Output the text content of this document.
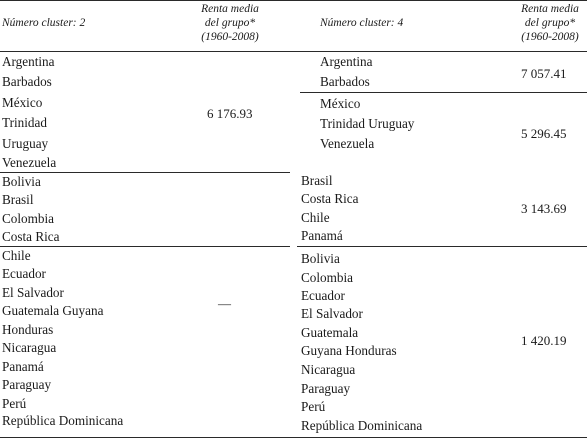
Número cluster: 2
Renta media
del grupo*
(1960-2008)
Número cluster: 4
Renta media
del grupo*
(1960-2008)
Argentina
Barbados
México
Trinidad
Uruguay
Venezuela
Bolivia
Brasil
Colombia
Costa Rica
Chile
Ecuador
El Salvador
Guatemala Guyana
Honduras
Nicaragua
Panamá
Paraguay
Perú
República Dominicana
6 176.93
—
Argentina
Barbados
México
Trinidad Uruguay
Venezuela
Brasil
Costa Rica
Chile
Panamá
Bolivia
Colombia
Ecuador
El Salvador
Guatemala
Guyana Honduras
Nicaragua
Paraguay
Perú
República Dominicana
7 057.41
5 296.45
3 143.69
1 420.19
